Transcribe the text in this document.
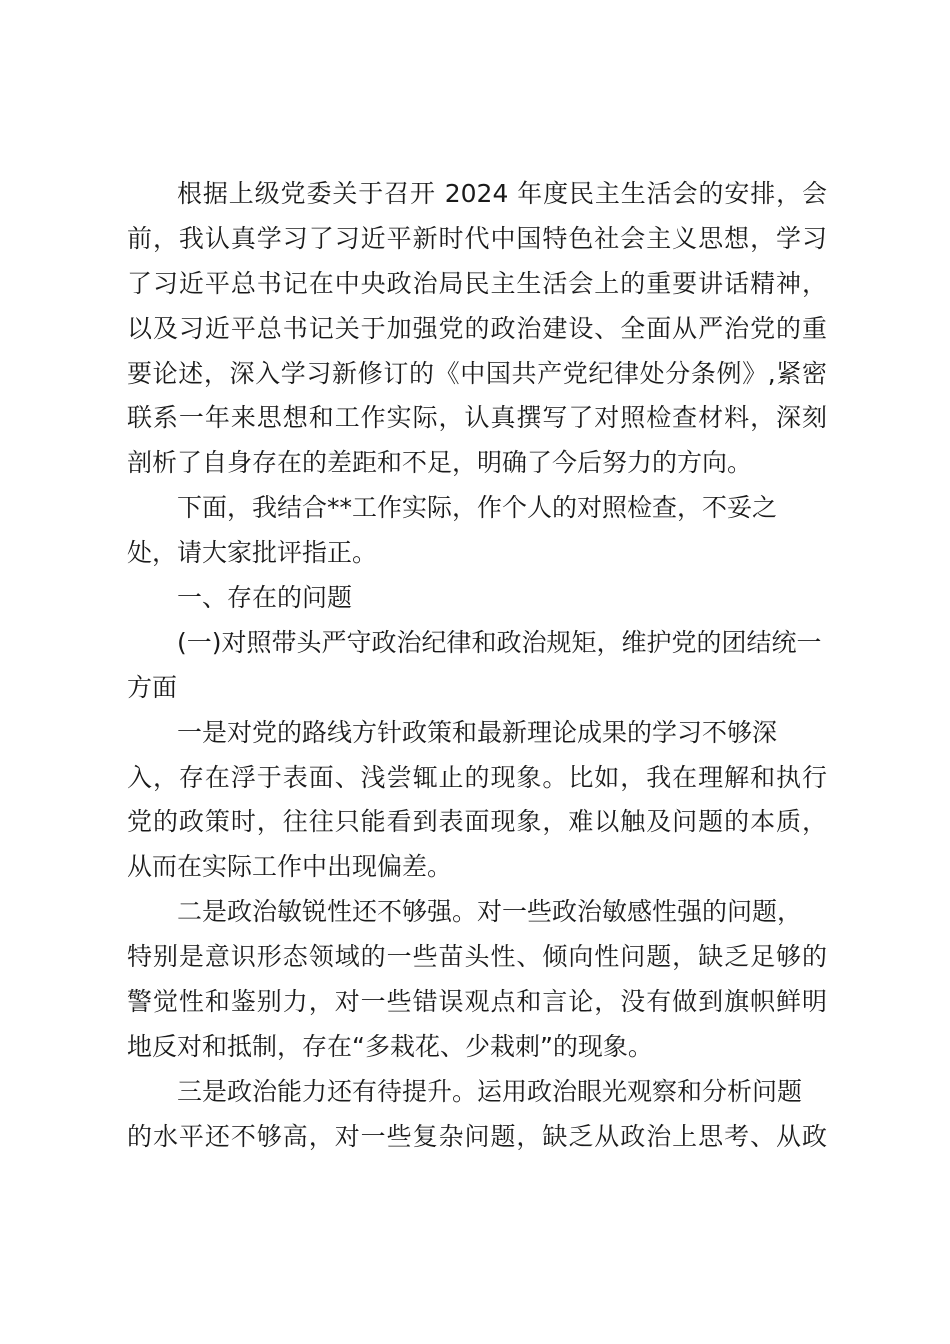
根据上级党委关于召开 2024 年度民主生活会的安排，会
前，我认真学习了习近平新时代中国特色社会主义思想，学习
了习近平总书记在中央政治局民主生活会上的重要讲话精神，
以及习近平总书记关于加强党的政治建设、全面从严治党的重
要论述，深入学习新修订的《中国共产党纪律处分条例》,紧密
联系一年来思想和工作实际，认真撰写了对照检查材料，深刻
剖析了自身存在的差距和不足，明确了今后努力的方向。
下面，我结合**工作实际，作个人的对照检查，不妥之
处，请大家批评指正。
一、存在的问题
(一)对照带头严守政治纪律和政治规矩，维护党的团结统一
方面
一是对党的路线方针政策和最新理论成果的学习不够深
入，存在浮于表面、浅尝辄止的现象。比如，我在理解和执行
党的政策时，往往只能看到表面现象，难以触及问题的本质，
从而在实际工作中出现偏差。
二是政治敏锐性还不够强。对一些政治敏感性强的问题，
特别是意识形态领域的一些苗头性、倾向性问题，缺乏足够的
警觉性和鉴别力，对一些错误观点和言论，没有做到旗帜鲜明
地反对和抵制，存在“多栽花、少栽刺”的现象。
三是政治能力还有待提升。运用政治眼光观察和分析问题
的水平还不够高，对一些复杂问题，缺乏从政治上思考、从政
